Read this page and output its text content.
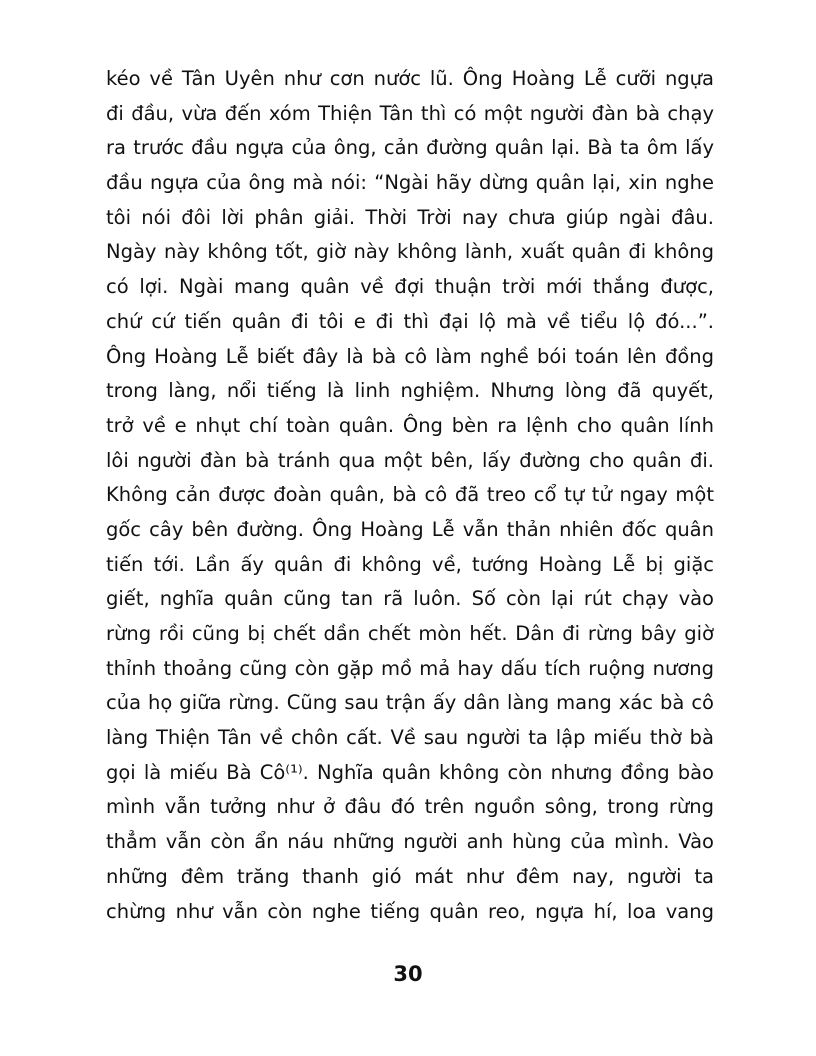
kéo về Tân Uyên như cơn nước lũ. Ông Hoàng Lễ cưỡi ngựa
đi đầu, vừa đến xóm Thiện Tân thì có một người đàn bà chạy
ra trước đầu ngựa của ông, cản đường quân lại. Bà ta ôm lấy
đầu ngựa của ông mà nói: “Ngài hãy dừng quân lại, xin nghe
tôi nói đôi lời phân giải. Thời Trời nay chưa giúp ngài đâu.
Ngày này không tốt, giờ này không lành, xuất quân đi không
có lợi. Ngài mang quân về đợi thuận trời mới thắng được,
chứ cứ tiến quân đi tôi e đi thì đại lộ mà về tiểu lộ đó...”.
Ông Hoàng Lễ biết đây là bà cô làm nghề bói toán lên đồng
trong làng, nổi tiếng là linh nghiệm. Nhưng lòng đã quyết,
trở về e nhụt chí toàn quân. Ông bèn ra lệnh cho quân lính
lôi người đàn bà tránh qua một bên, lấy đường cho quân đi.
Không cản được đoàn quân, bà cô đã treo cổ tự tử ngay một
gốc cây bên đường. Ông Hoàng Lễ vẫn thản nhiên đốc quân
tiến tới. Lần ấy quân đi không về, tướng Hoàng Lễ bị giặc
giết, nghĩa quân cũng tan rã luôn. Số còn lại rút chạy vào
rừng rồi cũng bị chết dần chết mòn hết. Dân đi rừng bây giờ
thỉnh thoảng cũng còn gặp mồ mả hay dấu tích ruộng nương
của họ giữa rừng. Cũng sau trận ấy dân làng mang xác bà cô
làng Thiện Tân về chôn cất. Về sau người ta lập miếu thờ bà
gọi là miếu Bà Cô⁽¹⁾. Nghĩa quân không còn nhưng đồng bào
mình vẫn tưởng như ở đâu đó trên nguồn sông, trong rừng
thẳm vẫn còn ẩn náu những người anh hùng của mình. Vào
những đêm trăng thanh gió mát như đêm nay, người ta
chừng như vẫn còn nghe tiếng quân reo, ngựa hí, loa vang
30
